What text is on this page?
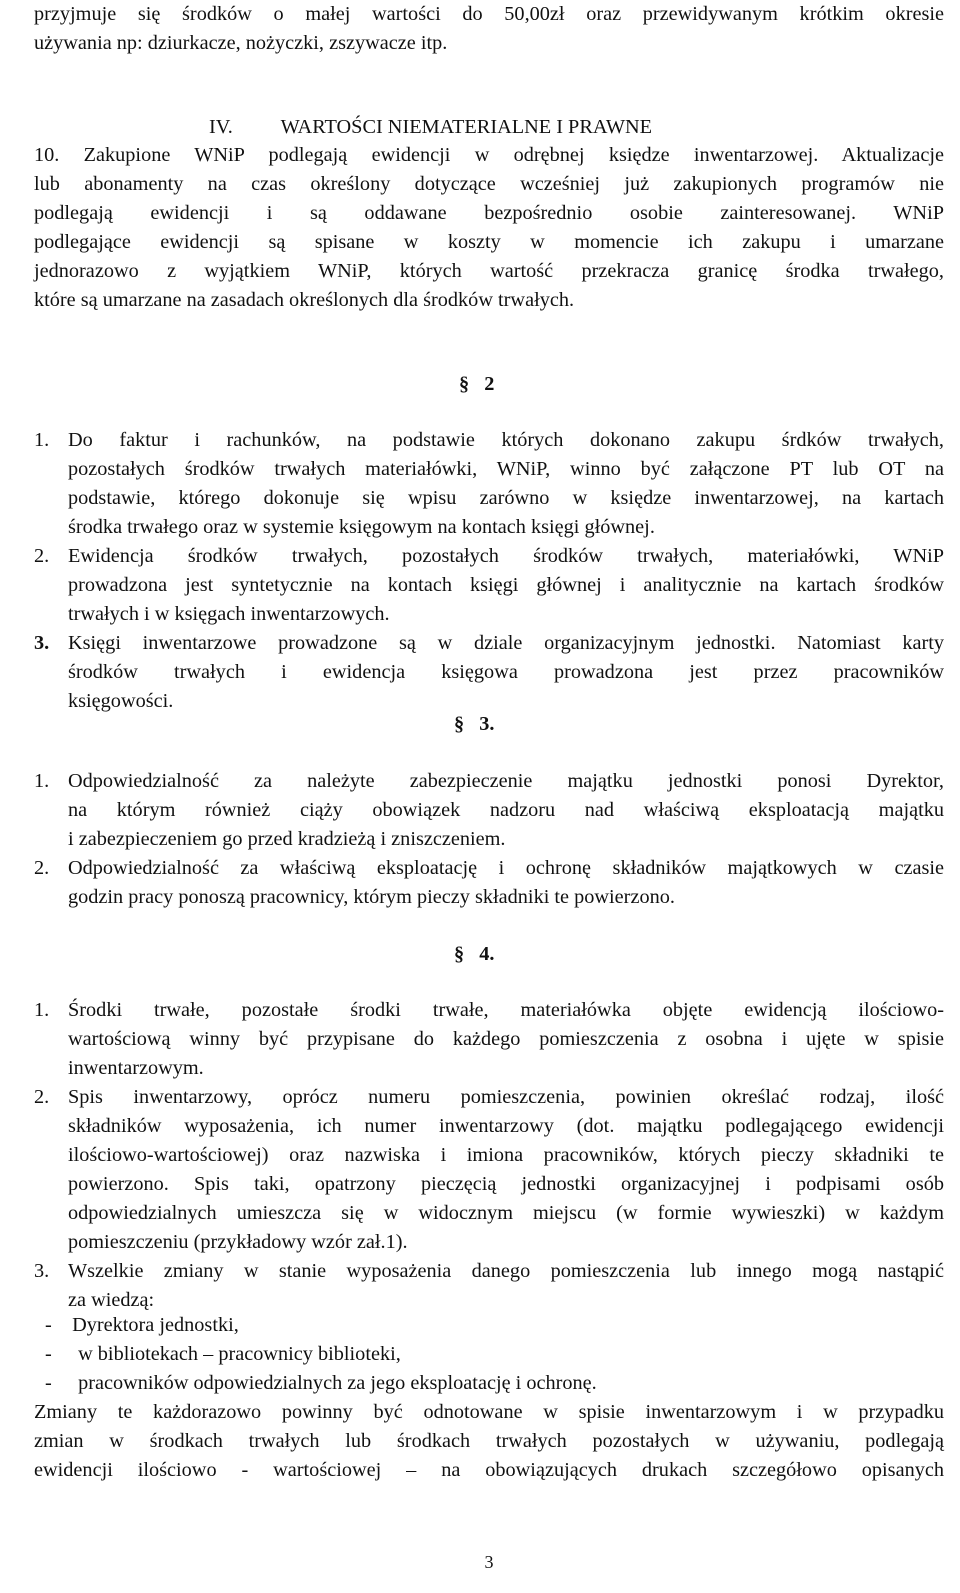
przyjmuje się środków o małej wartości do 50,00zł oraz przewidywanym krótkim okresie
używania np: dziurkacze, nożyczki, zszywacze itp.
IV. WARTOŚCI NIEMATERIALNE I PRAWNE
10. Zakupione WNiP podlegają ewidencji w odrębnej księdze inwentarzowej. Aktualizacje
lub abonamenty na czas określony dotyczące wcześniej już zakupionych programów nie
podlegają ewidencji i są oddawane bezpośrednio osobie zainteresowanej. WNiP
podlegające ewidencji są spisane w koszty w momencie ich zakupu i umarzane
jednorazowo z wyjątkiem WNiP, których wartość przekracza granicę środka trwałego,
które są umarzane na zasadach określonych dla środków trwałych.
§ 2
1. Do faktur i rachunków, na podstawie których dokonano zakupu śrdków trwałych,
pozostałych środków trwałych materiałówki, WNiP, winno być załączone PT lub OT na
podstawie, którego dokonuje się wpisu zarówno w księdze inwentarzowej, na kartach
środka trwałego oraz w systemie księgowym na kontach księgi głównej.
2. Ewidencja środków trwałych, pozostałych środków trwałych, materiałówki, WNiP
prowadzona jest syntetycznie na kontach księgi głównej i analitycznie na kartach środków
trwałych i w księgach inwentarzowych.
3. Księgi inwentarzowe prowadzone są w dziale organizacyjnym jednostki. Natomiast karty
środków trwałych i ewidencja księgowa prowadzona jest przez pracowników
księgowości.
§ 3.
1. Odpowiedzialność za należyte zabezpieczenie majątku jednostki ponosi Dyrektor,
na którym również ciąży obowiązek nadzoru nad właściwą eksploatacją majątku
i zabezpieczeniem go przed kradzieżą i zniszczeniem.
2. Odpowiedzialność za właściwą eksploatację i ochronę składników majątkowych w czasie
godzin pracy ponoszą pracownicy, którym pieczy składniki te powierzono.
§ 4.
1. Środki trwałe, pozostałe środki trwałe, materiałówka objęte ewidencją ilościowo-
wartościową winny być przypisane do każdego pomieszczenia z osobna i ujęte w spisie
inwentarzowym.
2. Spis inwentarzowy, oprócz numeru pomieszczenia, powinien określać rodzaj, ilość
składników wyposażenia, ich numer inwentarzowy (dot. majątku podlegającego ewidencji
ilościowo-wartościowej) oraz nazwiska i imiona pracowników, których pieczy składniki te
powierzono. Spis taki, opatrzony pieczęcią jednostki organizacyjnej i podpisami osób
odpowiedzialnych umieszcza się w widocznym miejscu (w formie wywieszki) w każdym
pomieszczeniu (przykładowy wzór zał.1).
3. Wszelkie zmiany w stanie wyposażenia danego pomieszczenia lub innego mogą nastąpić
za wiedzą:
- Dyrektora jednostki,
- w bibliotekach – pracownicy biblioteki,
- pracowników odpowiedzialnych za jego eksploatację i ochronę.
Zmiany te każdorazowo powinny być odnotowane w spisie inwentarzowym i w przypadku
zmian w środkach trwałych lub środkach trwałych pozostałych w używaniu, podlegają
ewidencji ilościowo - wartościowej – na obowiązujących drukach szczegółowo opisanych
3
